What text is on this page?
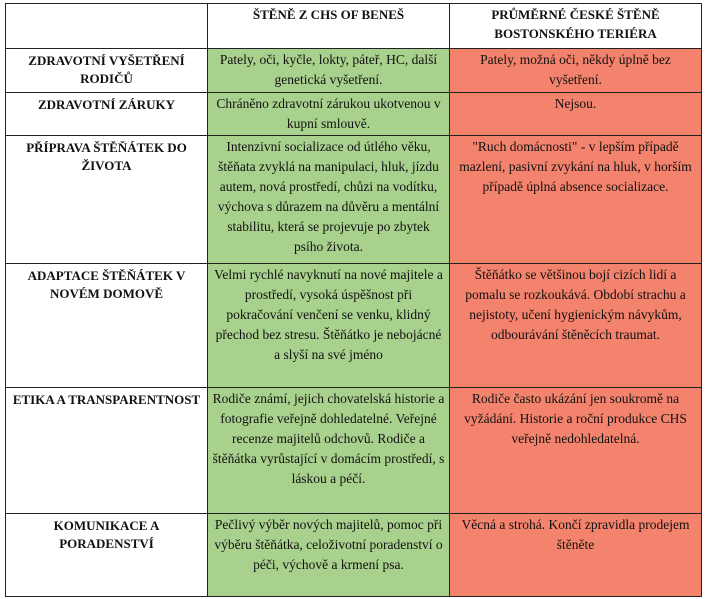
	ŠTĚNĚ Z CHS OF BENEŠ	PRŮMĚRNÉ ČESKÉ ŠTĚNĚ BOSTONSKÉHO TERIÉRA
ZDRAVOTNÍ VYŠETŘENÍ RODIČŮ	Pately, oči, kyčle, lokty, páteř, HC, další genetická vyšetření.	Pately, možná oči, někdy úplně bez vyšetření.
ZDRAVOTNÍ ZÁRUKY	Chráněno zdravotní zárukou ukotvenou v kupní smlouvě.	Nejsou.
PŘÍPRAVA ŠTĚŇÁTEK DO ŽIVOTA	Intenzivní socializace od útlého věku, štěňata zvyklá na manipulaci, hluk, jízdu autem, nová prostředí, chůzi na vodítku, výchova s důrazem na důvěru a mentální stabilitu, která se projevuje po zbytek psího života.	"Ruch domácnosti" - v lepším případě mazlení, pasivní zvykání na hluk, v horším případě úplná absence socializace.
ADAPTACE ŠTĚŇÁTEK V NOVÉM DOMOVĚ	Velmi rychlé navyknutí na nové majitele a prostředí, vysoká úspěšnost při pokračování venčení se venku, klidný přechod bez stresu. Štěňátko je nebojácné a slyší na své jméno	Štěňátko se většinou bojí cizích lidí a pomalu se rozkoukává. Období strachu a nejistoty, učení hygienickým návykům, odbourávání štěněcích traumat.
ETIKA A TRANSPARENTNOST	Rodiče známí, jejich chovatelská historie a fotografie veřejně dohledatelné. Veřejné recenze majitelů odchovů. Rodiče a štěňátka vyrůstající v domácím prostředí, s láskou a péčí.	Rodiče často ukázání jen soukromě na vyžádání. Historie a roční produkce CHS veřejně nedohledatelná.
KOMUNIKACE A PORADENSTVÍ	Pečlivý výběr nových majitelů, pomoc při výběru štěňátka, celoživotní poradenství o péči, výchově a krmení psa.	Věcná a strohá. Končí zpravidla prodejem štěněte
